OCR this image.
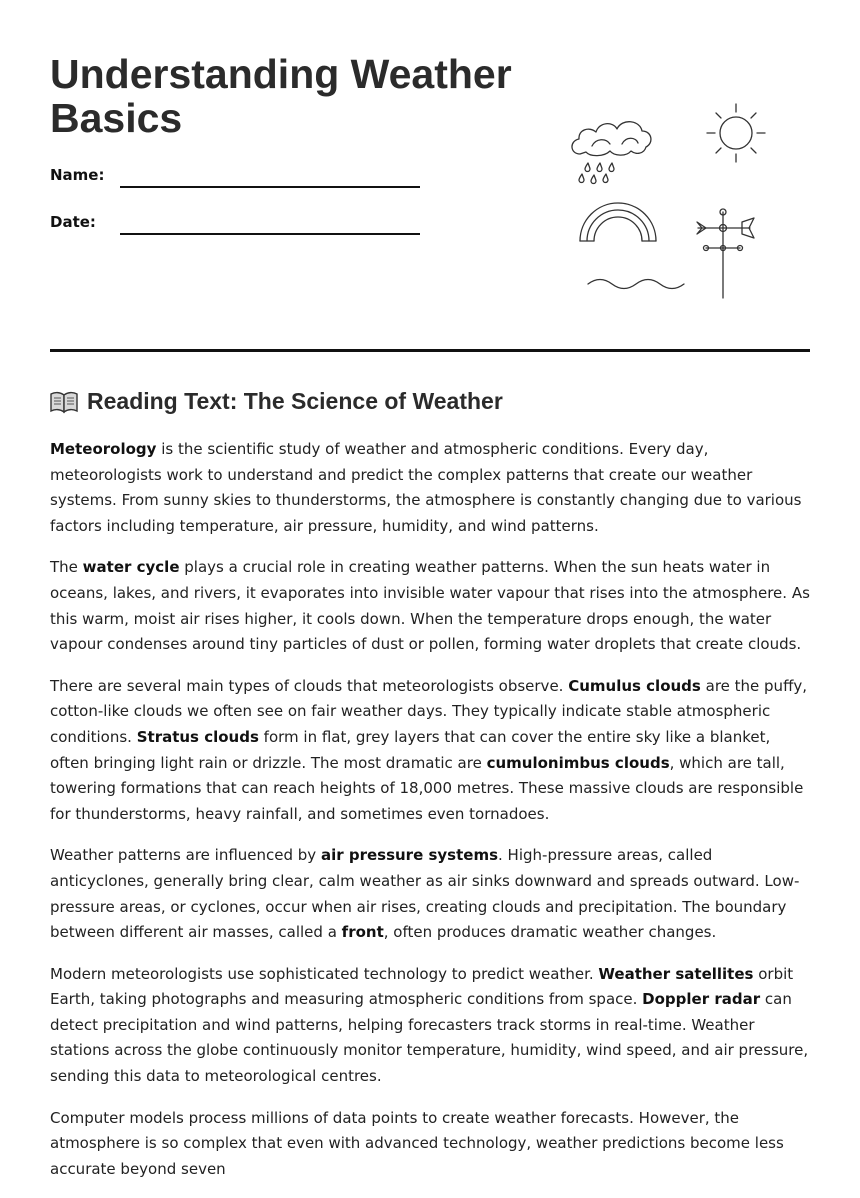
Understanding Weather Basics
Name:
Date:
Reading Text: The Science of Weather

Meteorology is the scientific study of weather and atmospheric conditions. Every day, meteorologists work to understand and predict the complex patterns that create our weather systems. From sunny skies to thunderstorms, the atmosphere is constantly changing due to various factors including temperature, air pressure, humidity, and wind patterns.

The water cycle plays a crucial role in creating weather patterns. When the sun heats water in oceans, lakes, and rivers, it evaporates into invisible water vapour that rises into the atmosphere. As this warm, moist air rises higher, it cools down. When the temperature drops enough, the water vapour condenses around tiny particles of dust or pollen, forming water droplets that create clouds.

There are several main types of clouds that meteorologists observe. Cumulus clouds are the puffy, cotton-like clouds we often see on fair weather days. They typically indicate stable atmospheric conditions. Stratus clouds form in flat, grey layers that can cover the entire sky like a blanket, often bringing light rain or drizzle. The most dramatic are cumulonimbus clouds, which are tall, towering formations that can reach heights of 18,000 metres. These massive clouds are responsible for thunderstorms, heavy rainfall, and sometimes even tornadoes.

Weather patterns are influenced by air pressure systems. High-pressure areas, called anticyclones, generally bring clear, calm weather as air sinks downward and spreads outward. Low-pressure areas, or cyclones, occur when air rises, creating clouds and precipitation. The boundary between different air masses, called a front, often produces dramatic weather changes.

Modern meteorologists use sophisticated technology to predict weather. Weather satellites orbit Earth, taking photographs and measuring atmospheric conditions from space. Doppler radar can detect precipitation and wind patterns, helping forecasters track storms in real-time. Weather stations across the globe continuously monitor temperature, humidity, wind speed, and air pressure, sending this data to meteorological centres.

Computer models process millions of data points to create weather forecasts. However, the atmosphere is so complex that even with advanced technology, weather predictions become less accurate beyond seven
